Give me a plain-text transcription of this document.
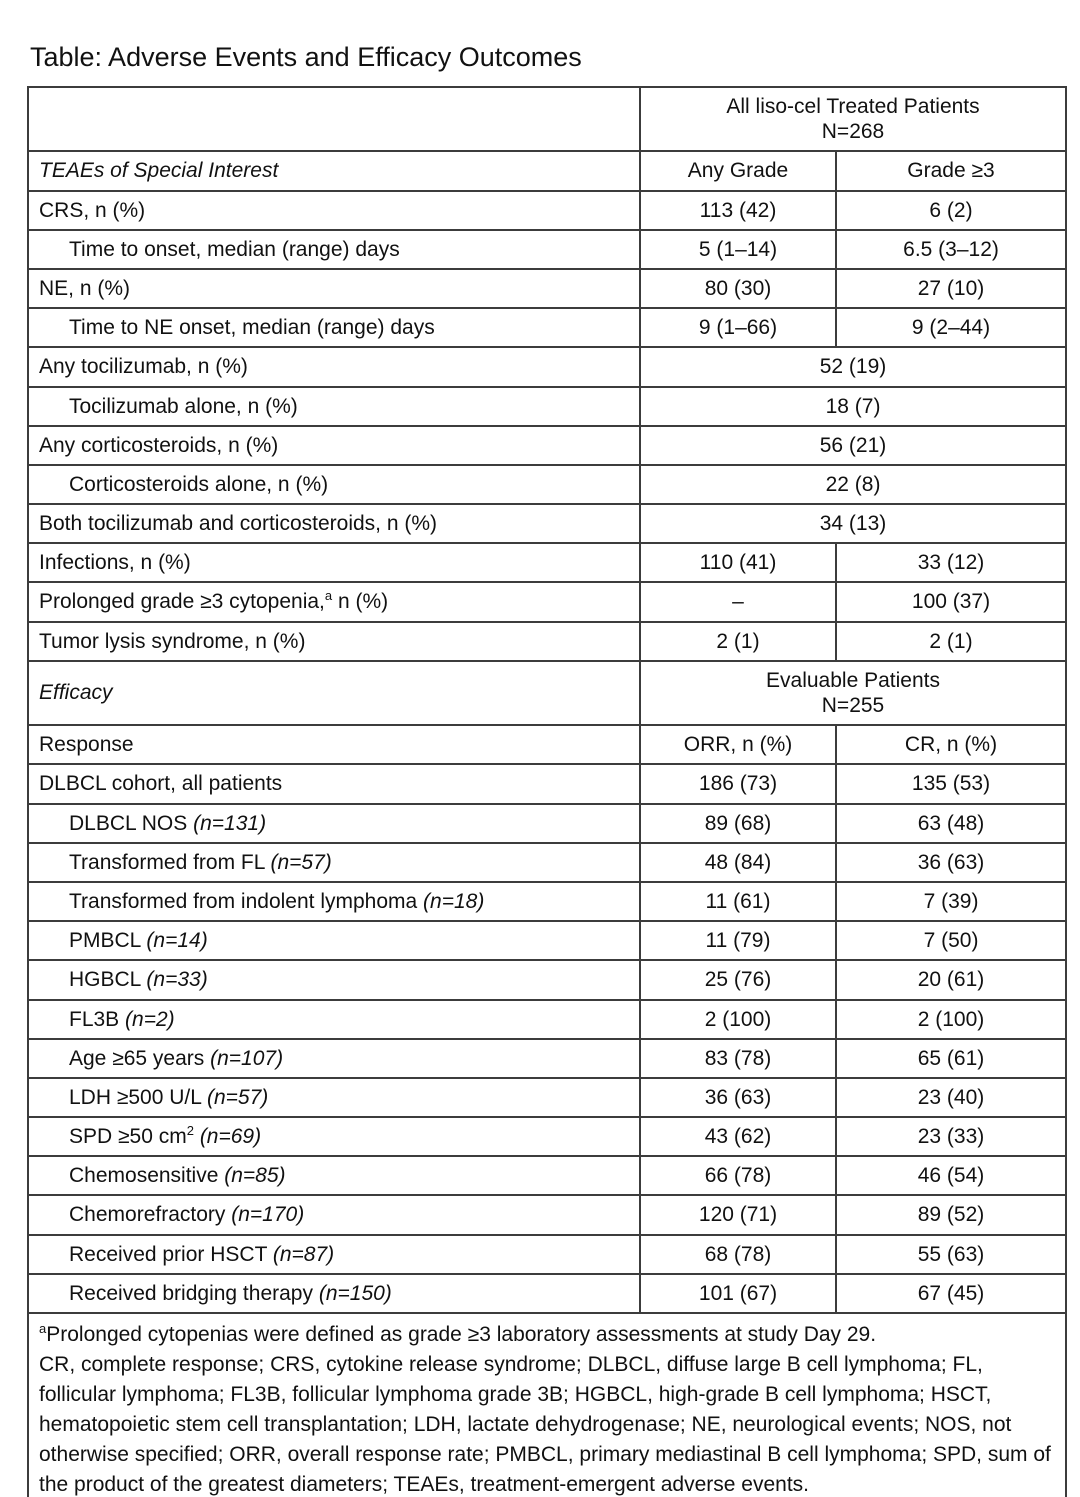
Table: Adverse Events and Efficacy Outcomes

	All liso-cel Treated Patients
N=268	

TEAEs of Special Interest	Any Grade	Grade ≥3
CRS, n (%)	113 (42)	6 (2)
Time to onset, median (range) days	5 (1–14)	6.5 (3–12)
NE, n (%)	80 (30)	27 (10)
Time to NE onset, median (range) days	9 (1–66)	9 (2–44)
Any tocilizumab, n (%)	52 (19)	
Tocilizumab alone, n (%)	18 (7)	
Any corticosteroids, n (%)	56 (21)	
Corticosteroids alone, n (%)	22 (8)	
Both tocilizumab and corticosteroids, n (%)	34 (13)	
Infections, n (%)	110 (41)	33 (12)
Prolonged grade ≥3 cytopenia,$^a$ n (%)	–	100 (37)
Tumor lysis syndrome, n (%)	2 (1)	2 (1)
Efficacy	Evaluable Patients
N=255	

Response	ORR, n (%)	CR, n (%)
DLBCL cohort, all patients	186 (73)	135 (53)
DLBCL NOS (n=131)	89 (68)	63 (48)
Transformed from FL (n=57)	48 (84)	36 (63)
Transformed from indolent lymphoma (n=18)	11 (61)	7 (39)
PMBCL (n=14)	11 (79)	7 (50)
HGBCL (n=33)	25 (76)	20 (61)
FL3B (n=2)	2 (100)	2 (100)
Age ≥65 years (n=107)	83 (78)	65 (61)
LDH ≥500 U/L (n=57)	36 (63)	23 (40)
SPD ≥50 $cm^2$ (n=69)	43 (62)	23 (33)
Chemosensitive (n=85)	66 (78)	46 (54)
Chemorefractory (n=170)	120 (71)	89 (52)
Received prior HSCT (n=87)	68 (78)	55 (63)
Received bridging therapy (n=150)	101 (67)	67 (45)

$^a$Prolonged cytopenias were defined as grade ≥3 laboratory assessments at study Day 29.
CR, complete response; CRS, cytokine release syndrome; DLBCL, diffuse large B cell lymphoma; FL, follicular lymphoma; FL3B, follicular lymphoma grade 3B; HGBCL, high-grade B cell lymphoma; HSCT, hematopoietic stem cell transplantation; LDH, lactate dehydrogenase; NE, neurological events; NOS, not otherwise specified; ORR, overall response rate; PMBCL, primary mediastinal B cell lymphoma; SPD, sum of the product of the greatest diameters; TEAEs, treatment-emergent adverse events.		
